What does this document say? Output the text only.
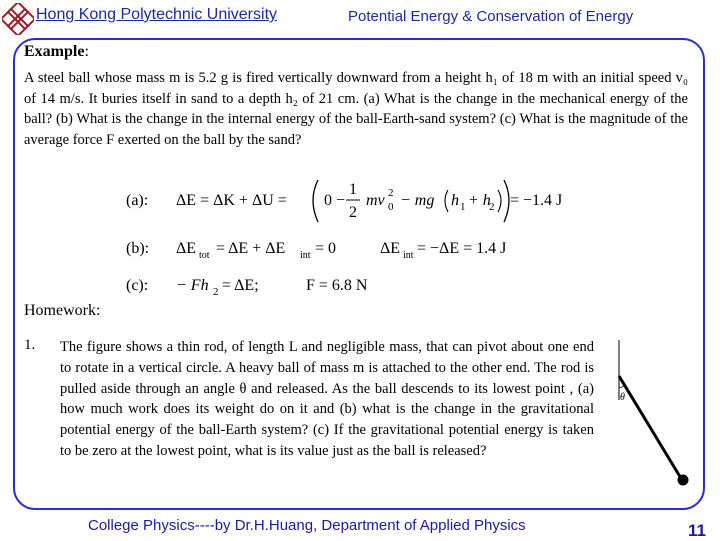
Hong Kong Polytechnic University	Potential Energy & Conservation of Energy
Example:
A steel ball whose mass m is 5.2 g is fired vertically downward from a height h₁ of 18 m with an initial speed v₀ of 14 m/s. It buries itself in sand to a depth h₂ of 21 cm. (a) What is the change in the mechanical energy of the ball? (b) What is the change in the internal energy of the ball-Earth-sand system? (c) What is the magnitude of the average force F exerted on the ball by the sand?
(a): ΔE = ΔK + ΔU = 0 −
1
2
mv 0
2 − mg h 1 + h
2 = −1.4 J
(b): ΔE tot = ΔE + ΔE int = 0	ΔE int = −ΔE = 1.4 J
(c): − Fh 2 = ΔE;	F = 6.8 N
Homework:
1. The figure shows a thin rod, of length L and negligible mass, that can pivot about one end to rotate in a vertical circle. A heavy ball of mass m is attached to the other end. The rod is pulled aside through an angle θ and released. As the ball descends to its lowest point , (a) how much work does its weight do on it and (b) what is the change in the gravitational potential energy of the ball-Earth system? (c) If the gravitational potential energy is taken to be zero at the lowest point, what is its value just as the ball is released?
θ
College Physics----by Dr.H.Huang, Department of Applied Physics	11
